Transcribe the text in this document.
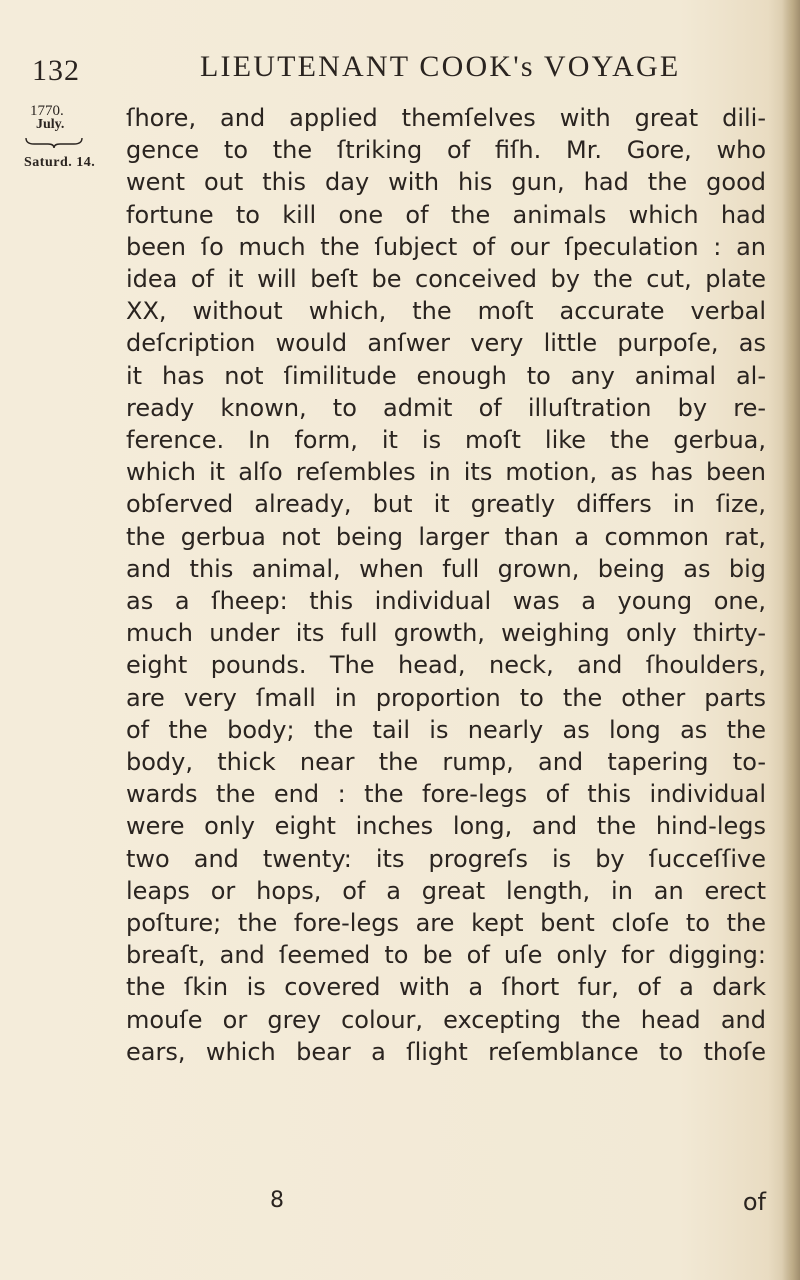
132	LIEUTENANT COOK's VOYAGE
1770.
July.
Saturd. 14.
ſhore, and applied themſelves with great dili-
gence to the ſtriking of fiſh. Mr. Gore, who
went out this day with his gun, had the good
fortune to kill one of the animals which had
been ſo much the ſubject of our ſpeculation : an
idea of it will beſt be conceived by the cut, plate
XX, without which, the moſt accurate verbal
deſcription would anſwer very little purpoſe, as
it has not ſimilitude enough to any animal al-
ready known, to admit of illuſtration by re-
ference. In form, it is moſt like the gerbua,
which it alſo reſembles in its motion, as has been
obſerved already, but it greatly differs in ſize,
the gerbua not being larger than a common rat,
and this animal, when full grown, being as big
as a ſheep: this individual was a young one,
much under its full growth, weighing only thirty-
eight pounds. The head, neck, and ſhoulders,
are very ſmall in proportion to the other parts
of the body; the tail is nearly as long as the
body, thick near the rump, and tapering to-
wards the end : the fore-legs of this individual
were only eight inches long, and the hind-legs
two and twenty: its progreſs is by ſucceſſive
leaps or hops, of a great length, in an erect
poſture; the fore-legs are kept bent cloſe to the
breaſt, and ſeemed to be of uſe only for digging:
the ſkin is covered with a ſhort fur, of a dark
mouſe or grey colour, excepting the head and
ears, which bear a ſlight reſemblance to thoſe
8	of
